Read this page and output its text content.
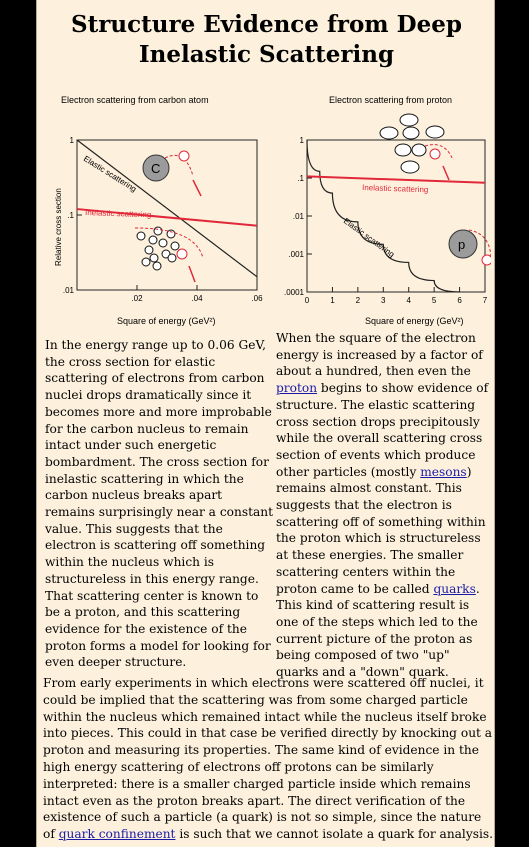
Structure Evidence from Deep
Inelastic Scattering
Electron scattering from carbon atom
Relative cross section
1
.1
.01
.02	.04	.06
Elastic scattering
Inelastic scattering
C
Square of energy (GeV²)
Electron scattering from proton
1
.1
.01
.001
.0001
0	1	2	3	4	5	6	7
Inelastic scattering
Elastic scattering	p
Square of energy (GeV²)
In the energy range up to 0.06 GeV, the cross section for elastic scattering of electrons from carbon nuclei drops dramatically since it becomes more and more improbable for the carbon nucleus to remain intact under such energetic bombardment. The cross section for inelastic scattering in which the carbon nucleus breaks apart remains surprisingly near a constant value. This suggests that the electron is scattering off something within the nucleus which is structureless in this energy range. That scattering center is known to be a proton, and this scattering evidence for the existence of the proton forms a model for looking for even deeper structure.
When the square of the electron energy is increased by a factor of about a hundred, then even the proton begins to show evidence of structure. The elastic scattering cross section drops precipitously while the overall scattering cross section of events which produce other particles (mostly mesons) remains almost constant. This suggests that the electron is scattering off of something within the proton which is structureless at these energies. The smaller scattering centers within the proton came to be called quarks. This kind of scattering result is one of the steps which led to the current picture of the proton as being composed of two "up" quarks and a "down" quark.
From early experiments in which electrons were scattered off nuclei, it could be implied that the scattering was from some charged particle within the nucleus which remained intact while the nucleus itself broke into pieces. This could in that case be verified directly by knocking out a proton and measuring its properties. The same kind of evidence in the high energy scattering of electrons off protons can be similarly interpreted: there is a smaller charged particle inside which remains intact even as the proton breaks apart. The direct verification of the existence of such a particle (a quark) is not so simple, since the nature of quark confinement is such that we cannot isolate a quark for analysis.
